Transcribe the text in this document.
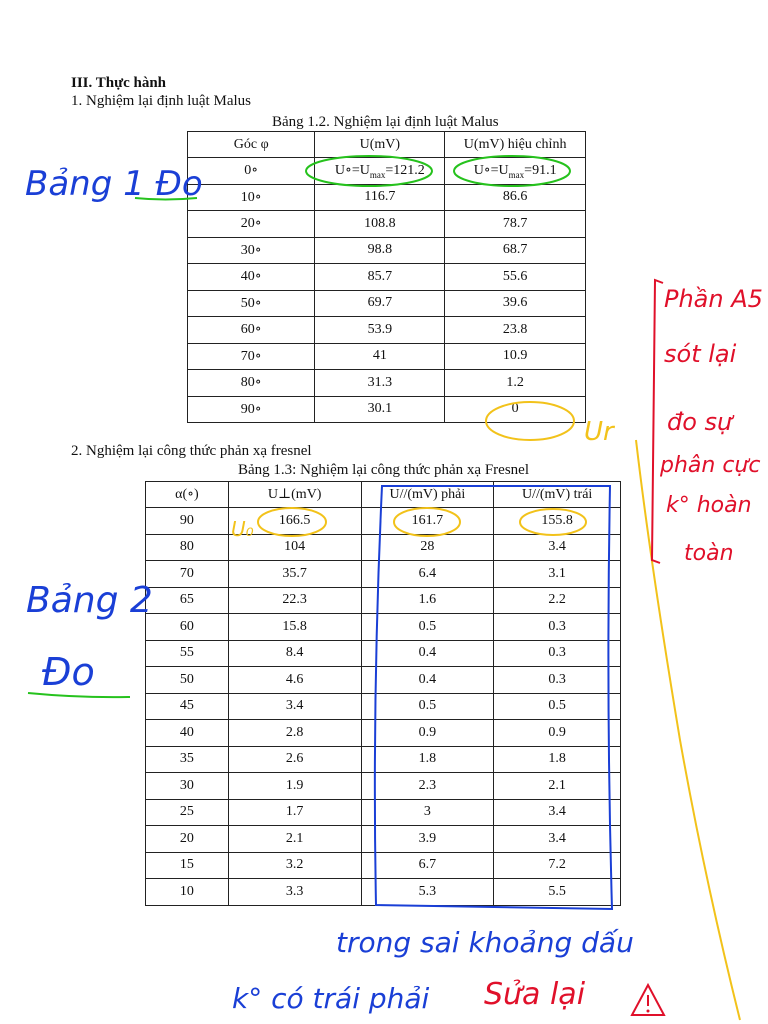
III. Thực hành
1. Nghiệm lại định luật Malus
Bảng 1.2. Nghiệm lại định luật Malus
Góc φ	U(mV)	U(mV) hiệu chỉnh
0∘	$U\circ=U_{max}=121.2$	$U\circ=U_{max}=91.1$
10∘	116.7	86.6
20∘	108.8	78.7
30∘	98.8	68.7
40∘	85.7	55.6
50∘	69.7	39.6
60∘	53.9	23.8
70∘	41	10.9
80∘	31.3	1.2
90∘	30.1	0
2. Nghiệm lại công thức phản xạ fresnel
Bảng 1.3: Nghiệm lại công thức phản xạ Fresnel
α(∘)	U⊥(mV)	U//(mV) phải	U//(mV) trái
90	166.5	161.7	155.8
80	104	28	3.4
70	35.7	6.4	3.1
65	22.3	1.6	2.2
60	15.8	0.5	0.3
55	8.4	0.4	0.3
50	4.6	0.4	0.3
45	3.4	0.5	0.5
40	2.8	0.9	0.9
35	2.6	1.8	1.8
30	1.9	2.3	2.1
25	1.7	3	3.4
20	2.1	3.9	3.4
15	3.2	6.7	7.2
10	3.3	5.3	5.5
Bảng 1 Đo
Bảng 2
Đo
Ur
U₀
Phần A5
sót lại
đo sự
phân cực
k° hoàn
toàn
trong sai khoảng dấu
k° có trái phải Sửa lại
